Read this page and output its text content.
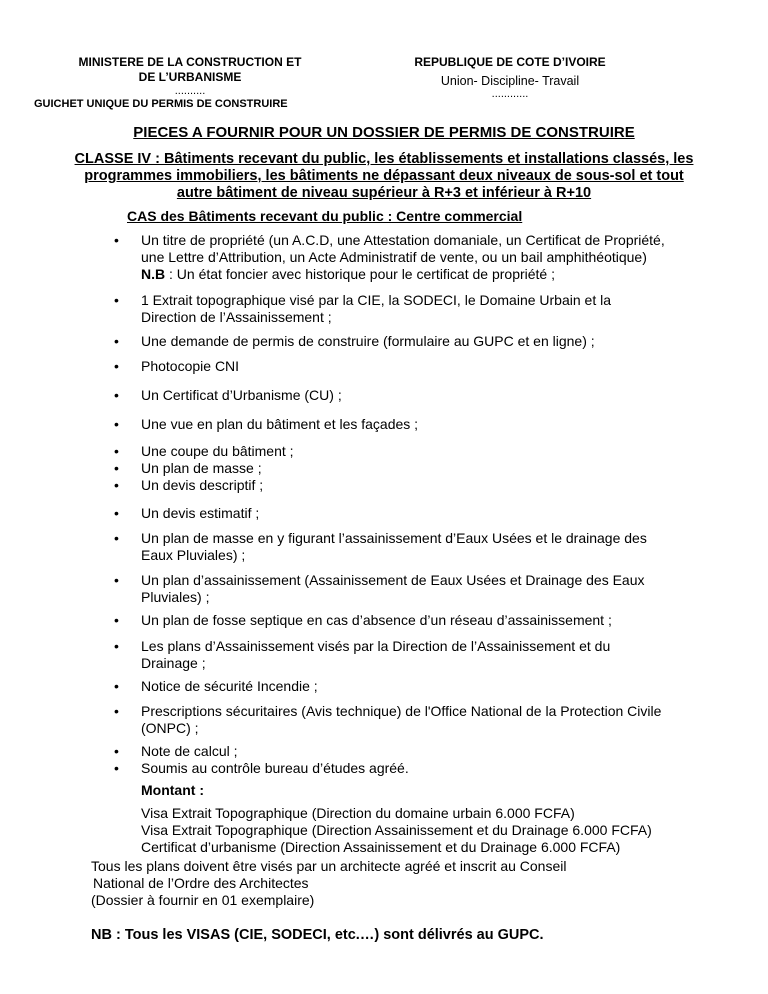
MINISTERE DE LA CONSTRUCTION ET
DE L’URBANISME
..........
GUICHET UNIQUE DU PERMIS DE CONSTRUIRE
REPUBLIQUE DE COTE D’IVOIRE
Union- Discipline- Travail
............
PIECES A FOURNIR POUR UN DOSSIER DE PERMIS DE CONSTRUIRE
CLASSE IV : Bâtiments recevant du public, les établissements et installations classés, les
programmes immobiliers, les bâtiments ne dépassant deux niveaux de sous-sol et tout
autre bâtiment de niveau supérieur à R+3 et inférieur à R+10
CAS des Bâtiments recevant du public : Centre commercial
• Un titre de propriété (un A.C.D, une Attestation domaniale, un Certificat de Propriété,
une Lettre d’Attribution, un Acte Administratif de vente, ou un bail amphithéotique)
N.B : Un état foncier avec historique pour le certificat de propriété ;
• 1 Extrait topographique visé par la CIE, la SODECI, le Domaine Urbain et la
Direction de l’Assainissement ;
• Une demande de permis de construire (formulaire au GUPC et en ligne) ;
• Photocopie CNI
• Un Certificat d’Urbanisme (CU) ;
• Une vue en plan du bâtiment et les façades ;
• Une coupe du bâtiment ;
• Un plan de masse ;
• Un devis descriptif ;
• Un devis estimatif ;
• Un plan de masse en y figurant l’assainissement d’Eaux Usées et le drainage des
Eaux Pluviales) ;
• Un plan d’assainissement (Assainissement de Eaux Usées et Drainage des Eaux
Pluviales) ;
• Un plan de fosse septique en cas d’absence d’un réseau d’assainissement ;
• Les plans d’Assainissement visés par la Direction de l’Assainissement et du
Drainage ;
• Notice de sécurité Incendie ;
• Prescriptions sécuritaires (Avis technique) de l'Office National de la Protection Civile
(ONPC) ;
• Note de calcul ;
• Soumis au contrôle bureau d’études agréé.
Montant :
Visa Extrait Topographique (Direction du domaine urbain 6.000 FCFA)
Visa Extrait Topographique (Direction Assainissement et du Drainage 6.000 FCFA)
Certificat d’urbanisme (Direction Assainissement et du Drainage 6.000 FCFA)
Tous les plans doivent être visés par un architecte agréé et inscrit au Conseil
National de l’Ordre des Architectes
(Dossier à fournir en 01 exemplaire)
NB : Tous les VISAS (CIE, SODECI, etc.…) sont délivrés au GUPC.
